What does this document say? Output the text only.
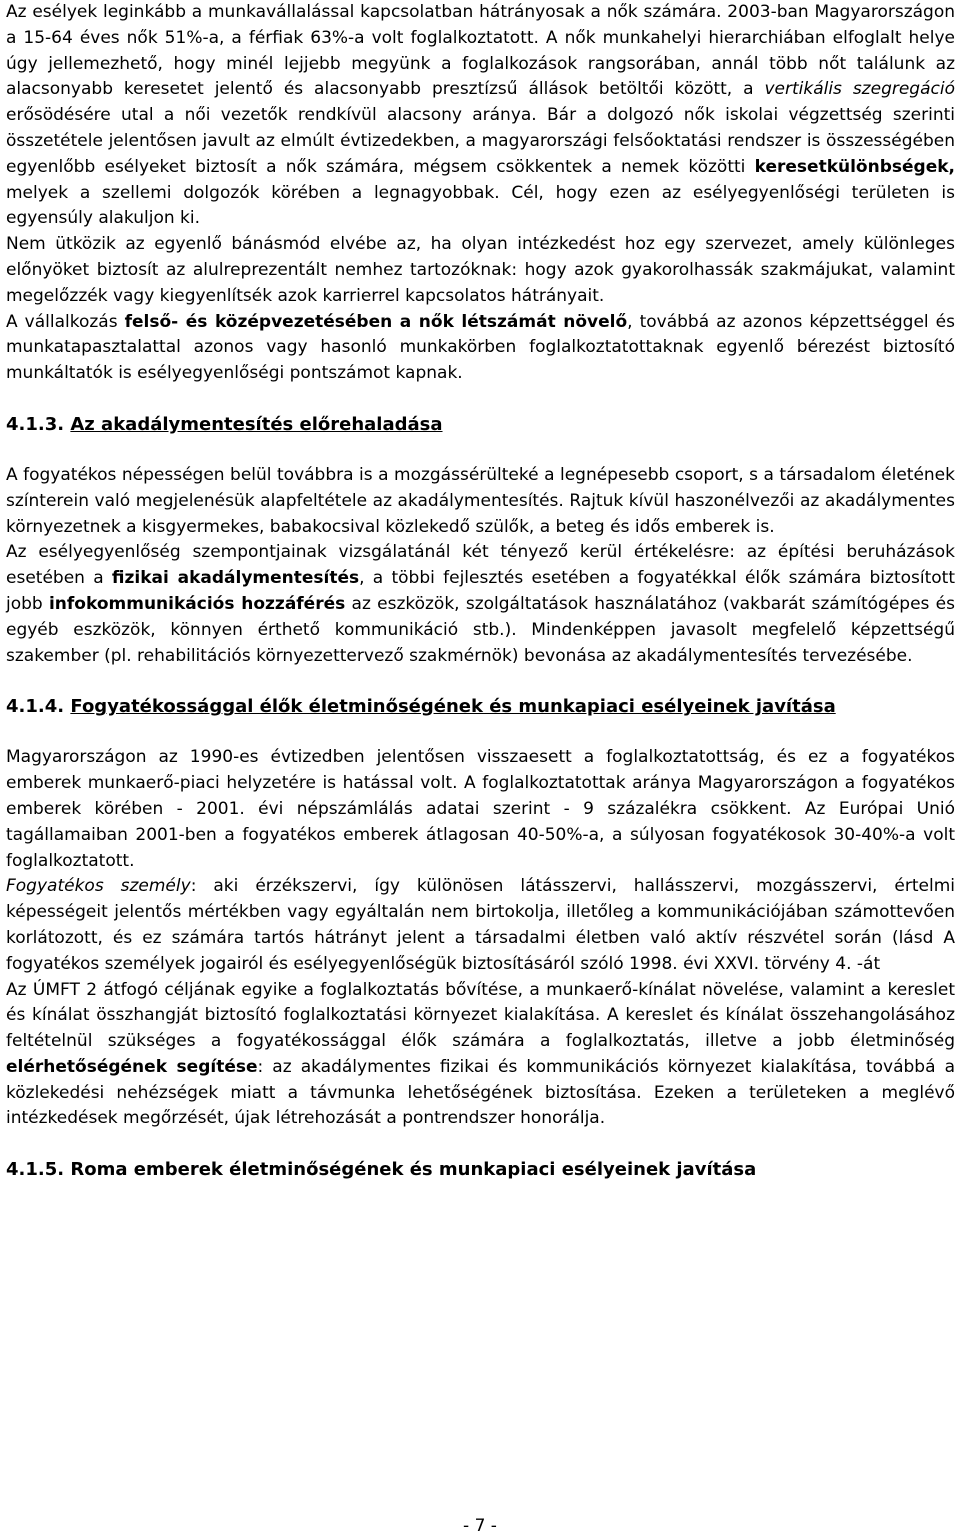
Az esélyek leginkább a munkavállalással kapcsolatban hátrányosak a nők számára. 2003-ban Magyarországon a 15-64 éves nők 51%-a, a férfiak 63%-a volt foglalkoztatott. A nők munkahelyi hierarchiában elfoglalt helye úgy jellemezhető, hogy minél lejjebb megyünk a foglalkozások rangsorában, annál több nőt találunk az alacsonyabb keresetet jelentő és alacsonyabb presztízsű állások betöltői között, a vertikális szegregáció erősödésére utal a női vezetők rendkívül alacsony aránya. Bár a dolgozó nők iskolai végzettség szerinti összetétele jelentősen javult az elmúlt évtizedekben, a magyarországi felsőoktatási rendszer is összességében egyenlőbb esélyeket biztosít a nők számára, mégsem csökkentek a nemek közötti keresetkülönbségek, melyek a szellemi dolgozók körében a legnagyobbak. Cél, hogy ezen az esélyegyenlőségi területen is egyensúly alakuljon ki.

Nem ütközik az egyenlő bánásmód elvébe az, ha olyan intézkedést hoz egy szervezet, amely különleges előnyöket biztosít az alulreprezentált nemhez tartozóknak: hogy azok gyakorolhassák szakmájukat, valamint megelőzzék vagy kiegyenlítsék azok karrierrel kapcsolatos hátrányait.

A vállalkozás felső- és középvezetésében a nők létszámát növelő, továbbá az azonos képzettséggel és munkatapasztalattal azonos vagy hasonló munkakörben foglalkoztatottaknak egyenlő bérezést biztosító munkáltatók is esélyegyenlőségi pontszámot kapnak.

4.1.3. Az akadálymentesítés előrehaladása

A fogyatékos népességen belül továbbra is a mozgássérülteké a legnépesebb csoport, s a társadalom életének színterein való megjelenésük alapfeltétele az akadálymentesítés. Rajtuk kívül haszonélvezői az akadálymentes környezetnek a kisgyermekes, babakocsival közlekedő szülők, a beteg és idős emberek is.

Az esélyegyenlőség szempontjainak vizsgálatánál két tényező kerül értékelésre: az építési beruházások esetében a fizikai akadálymentesítés, a többi fejlesztés esetében a fogyatékkal élők számára biztosított jobb infokommunikációs hozzáférés az eszközök, szolgáltatások használatához (vakbarát számítógépes és egyéb eszközök, könnyen érthető kommunikáció stb.). Mindenképpen javasolt megfelelő képzettségű szakember (pl. rehabilitációs környezettervező szakmérnök) bevonása az akadálymentesítés tervezésébe.

4.1.4. Fogyatékossággal élők életminőségének és munkapiaci esélyeinek javítása

Magyarországon az 1990-es évtizedben jelentősen visszaesett a foglalkoztatottság, és ez a fogyatékos emberek munkaerő-piaci helyzetére is hatással volt. A foglalkoztatottak aránya Magyarországon a fogyatékos emberek körében - 2001. évi népszámlálás adatai szerint - 9 százalékra csökkent. Az Európai Unió tagállamaiban 2001-ben a fogyatékos emberek átlagosan 40-50%-a, a súlyosan fogyatékosok 30-40%-a volt foglalkoztatott.

Fogyatékos személy: aki érzékszervi, így különösen látásszervi, hallásszervi, mozgásszervi, értelmi képességeit jelentős mértékben vagy egyáltalán nem birtokolja, illetőleg a kommunikációjában számottevően korlátozott, és ez számára tartós hátrányt jelent a társadalmi életben való aktív részvétel során (lásd A fogyatékos személyek jogairól és esélyegyenlőségük biztosításáról szóló 1998. évi XXVI. törvény 4. -át

Az ÚMFT 2 átfogó céljának egyike a foglalkoztatás bővítése, a munkaerő-kínálat növelése, valamint a kereslet és kínálat összhangját biztosító foglalkoztatási környezet kialakítása. A kereslet és kínálat összehangolásához feltételnül szükséges a fogyatékossággal élők számára a foglalkoztatás, illetve a jobb életminőség elérhetőségének segítése: az akadálymentes fizikai és kommunikációs környezet kialakítása, továbbá a közlekedési nehézségek miatt a távmunka lehetőségének biztosítása. Ezeken a területeken a meglévő intézkedések megőrzését, újak létrehozását a pontrendszer honorálja.

4.1.5. Roma emberek életminőségének és munkapiaci esélyeinek javítása
- 7 -
